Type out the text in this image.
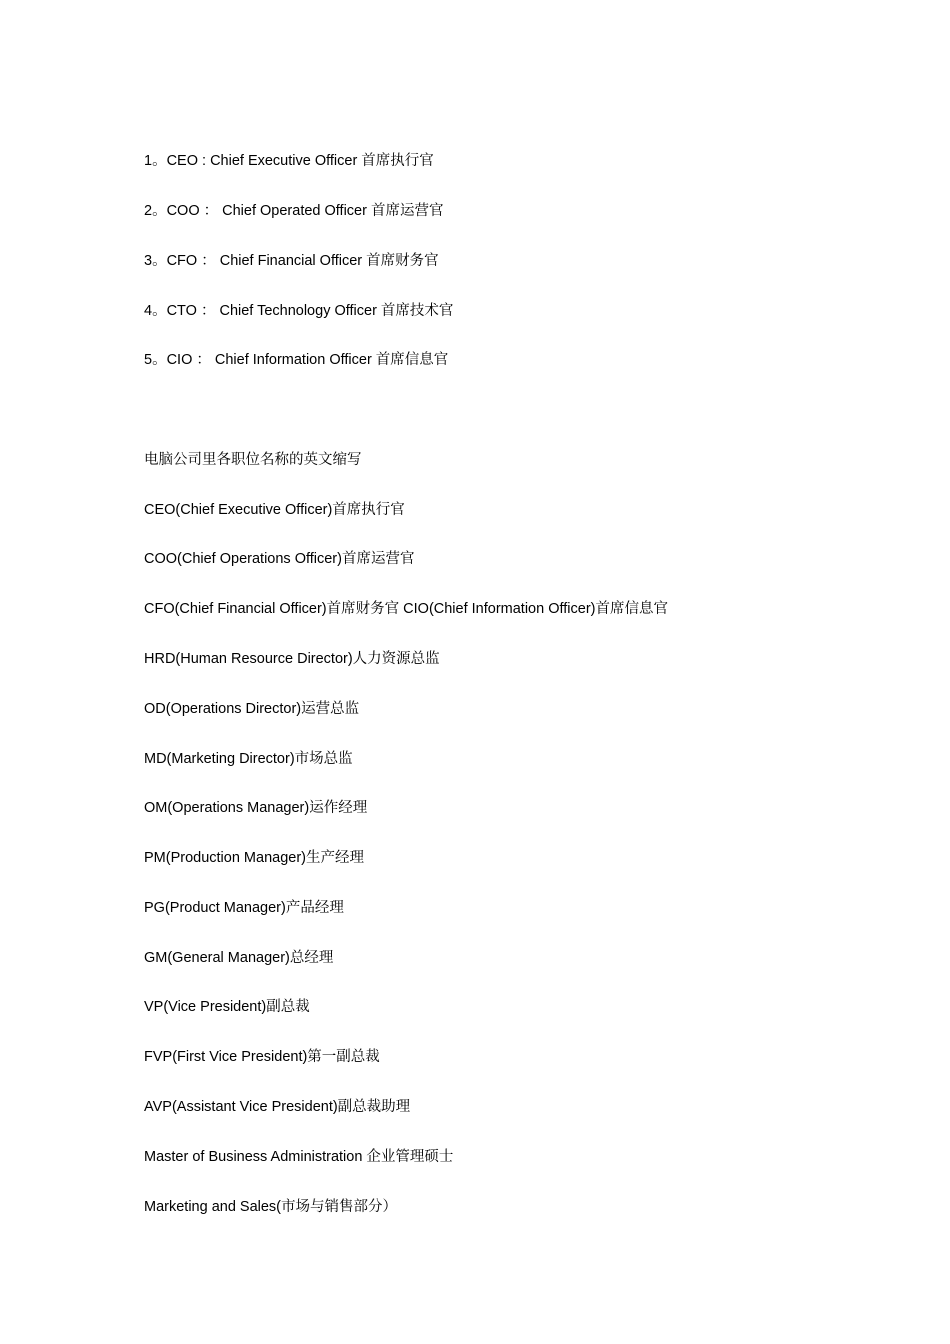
1。CEO : Chief Executive Officer 首席执行官

2。COO ： Chief Operated Officer 首席运营官

3。CFO ： Chief Financial Officer 首席财务官

4。CTO ： Chief Technology Officer 首席技术官

5。CIO ： Chief Information Officer 首席信息官

电脑公司里各职位名称的英文缩写

CEO(Chief Executive Officer)首席执行官

COO(Chief Operations Officer)首席运营官

CFO(Chief Financial Officer)首席财务官 CIO(Chief Information Officer)首席信息官

HRD(Human Resource Director)人力资源总监

OD(Operations Director)运营总监

MD(Marketing Director)市场总监

OM(Operations Manager)运作经理

PM(Production Manager)生产经理

PG(Product Manager)产品经理

GM(General Manager)总经理

VP(Vice President)副总裁

FVP(First Vice President)第一副总裁

AVP(Assistant Vice President)副总裁助理

Master of Business Administration 企业管理硕士

Marketing and Sales(市场与销售部分）
